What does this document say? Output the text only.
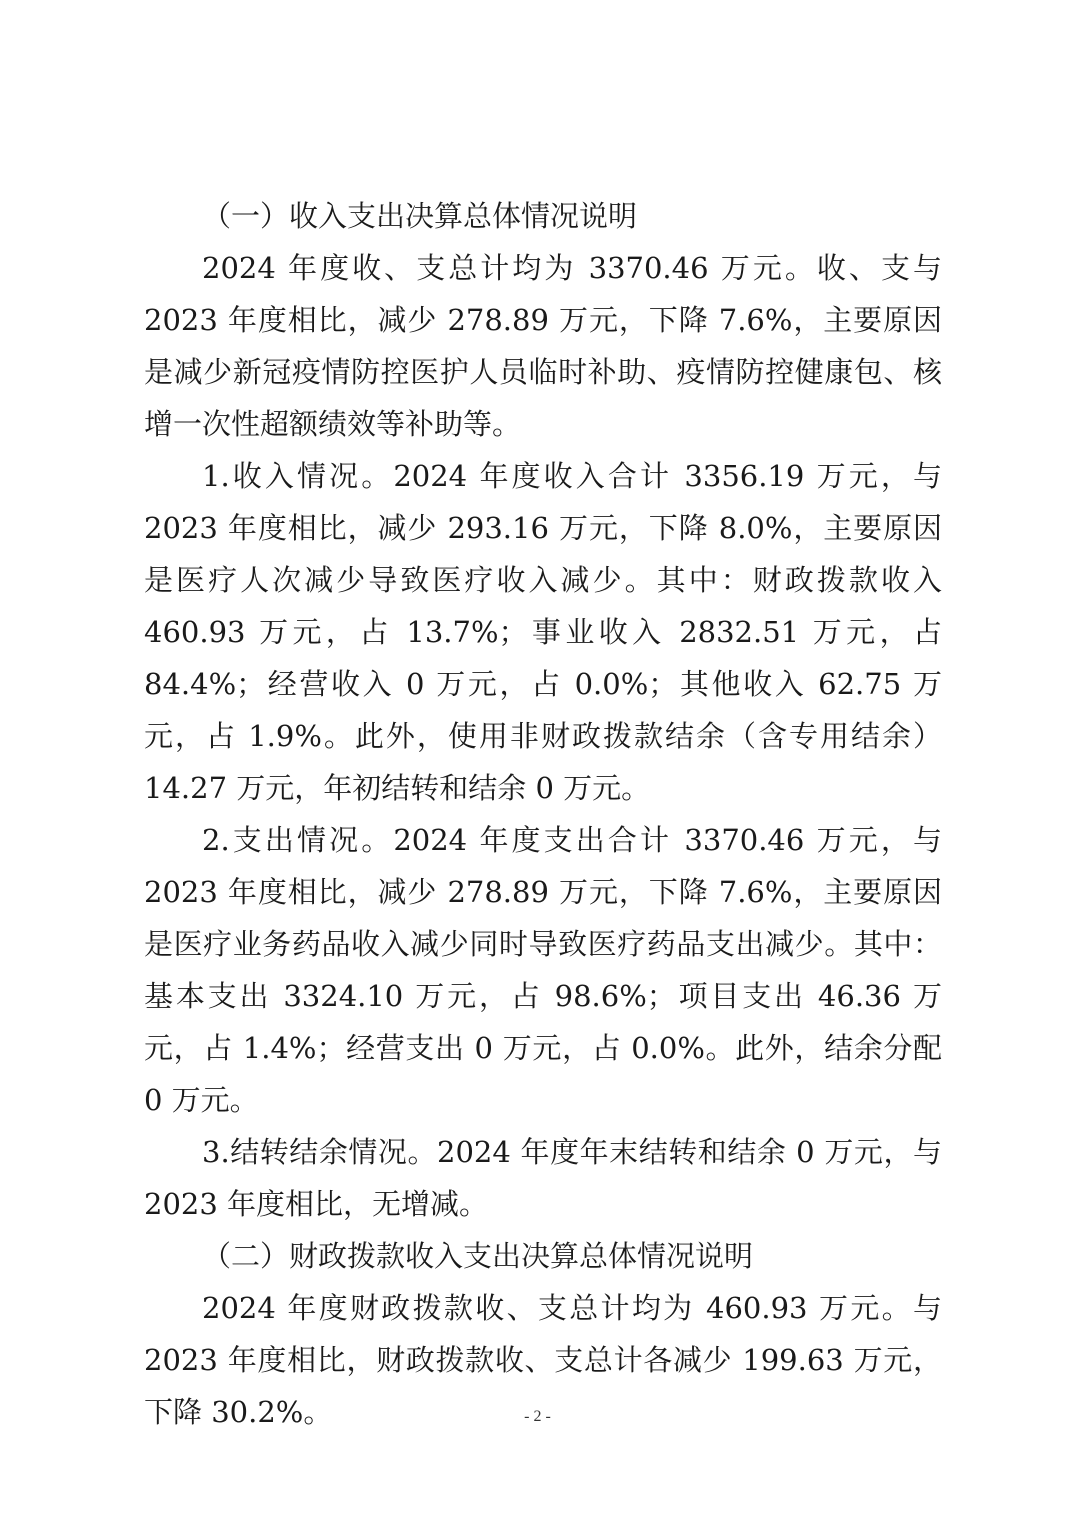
（一）收入支出决算总体情况说明

2024 年度收、支总计均为 3370.46 万元。收、支与 2023 年度相比，减少 278.89 万元，下降 7.6%，主要原因是减少新冠疫情防控医护人员临时补助、疫情防控健康包、核增一次性超额绩效等补助等。

1.收入情况。2024 年度收入合计 3356.19 万元，与 2023 年度相比，减少 293.16 万元，下降 8.0%，主要原因是医疗人次减少导致医疗收入减少。其中：财政拨款收入 460.93 万元，占 13.7%；事业收入 2832.51 万元，占 84.4%；经营收入 0 万元，占 0.0%；其他收入 62.75 万元，占 1.9%。此外，使用非财政拨款结余（含专用结余）14.27 万元，年初结转和结余 0 万元。

2.支出情况。2024 年度支出合计 3370.46 万元，与 2023 年度相比，减少 278.89 万元，下降 7.6%，主要原因是医疗业务药品收入减少同时导致医疗药品支出减少。其中：基本支出 3324.10 万元，占 98.6%；项目支出 46.36 万元，占 1.4%；经营支出 0 万元，占 0.0%。此外，结余分配 0 万元。

3.结转结余情况。2024 年度年末结转和结余 0 万元，与 2023 年度相比，无增减。

（二）财政拨款收入支出决算总体情况说明

2024 年度财政拨款收、支总计均为 460.93 万元。与 2023 年度相比，财政拨款收、支总计各减少 199.63 万元，下降 30.2%。	- 2 -
